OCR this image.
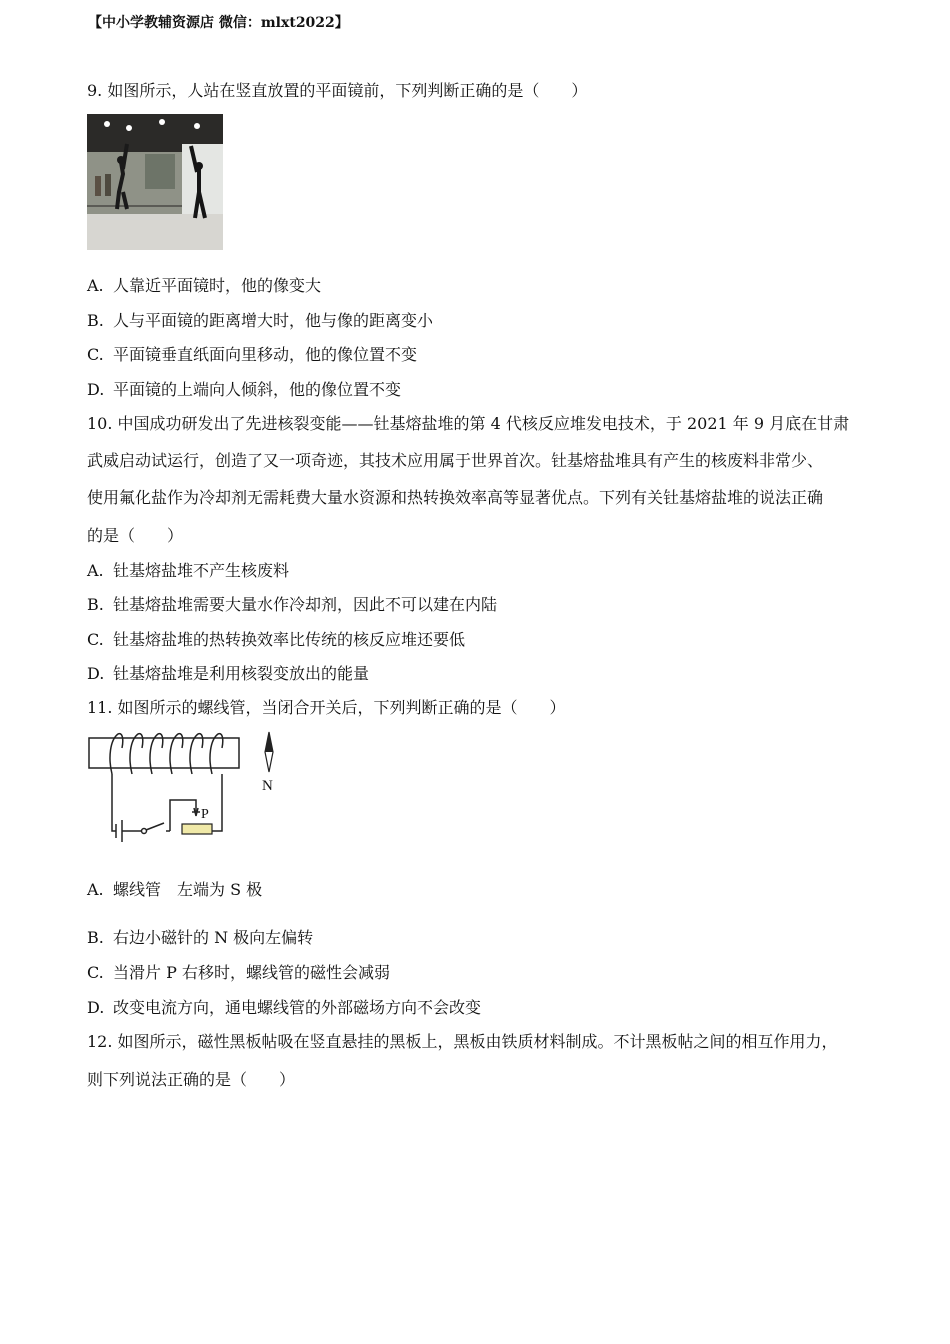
【中小学教辅资源店 微信：mlxt2022】
9. 如图所示，人站在竖直放置的平面镜前，下列判断正确的是（　　）
A. 人靠近平面镜时，他的像变大
B. 人与平面镜的距离增大时，他与像的距离变小
C. 平面镜垂直纸面向里移动，他的像位置不变
D. 平面镜的上端向人倾斜，他的像位置不变
10. 中国成功研发出了先进核裂变能——钍基熔盐堆的第 4 代核反应堆发电技术，于 2021 年 9 月底在甘肃
武威启动试运行，创造了又一项奇迹，其技术应用属于世界首次。钍基熔盐堆具有产生的核废料非常少、
使用氟化盐作为冷却剂无需耗费大量水资源和热转换效率高等显著优点。下列有关钍基熔盐堆的说法正确
的是（　　）
A. 钍基熔盐堆不产生核废料
B. 钍基熔盐堆需要大量水作冷却剂，因此不可以建在内陆
C. 钍基熔盐堆的热转换效率比传统的核反应堆还要低
D. 钍基熔盐堆是利用核裂变放出的能量
11. 如图所示的螺线管，当闭合开关后，下列判断正确的是（　　）
P
N
A. 螺线管　左端为 S 极
B. 右边小磁针的 N 极向左偏转
C. 当滑片 P 右移时，螺线管的磁性会减弱
D. 改变电流方向，通电螺线管的外部磁场方向不会改变
12. 如图所示，磁性黑板帖吸在竖直悬挂的黑板上，黑板由铁质材料制成。不计黑板帖之间的相互作用力，
则下列说法正确的是（　　）
